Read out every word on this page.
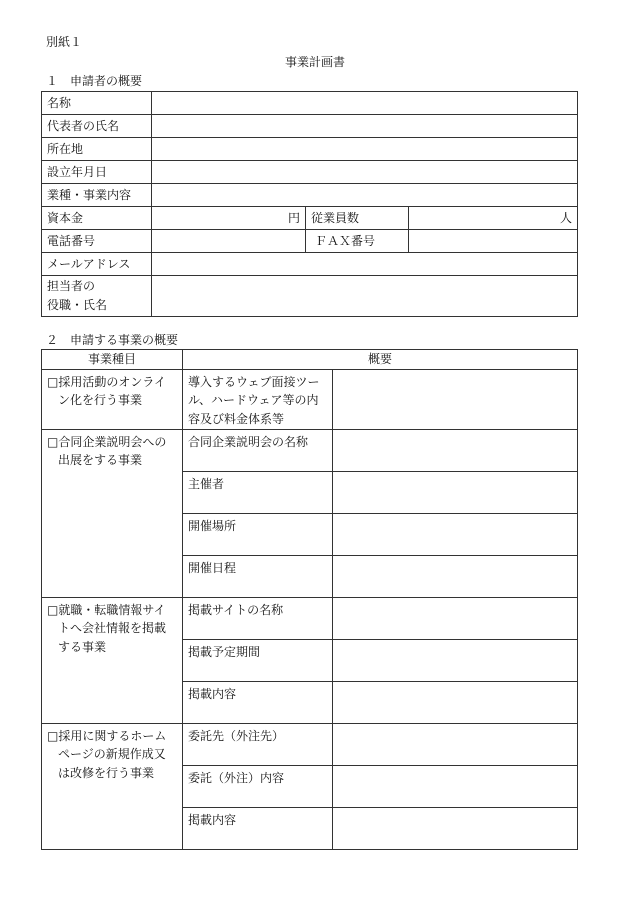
別紙１
事業計画書
１　申請者の概要
名称			
代表者の氏名			
所在地			
設立年月日			
業種・事業内容			
資本金	円	従業員数	人
電話番号		ＦＡＸ番号	
メールアドレス			

担当者の
役職・氏名			

２　申請する事業の概要
事業種目	概要	
□採用活動のオンライン化を行う事業	導入するウェブ面接ツール、ハードウェア等の内容及び料金体系等	
□合同企業説明会への出展をする事業	合同企業説明会の名称	
	主催者	
	開催場所	
	開催日程	
□就職・転職情報サイトへ会社情報を掲載する事業	掲載サイトの名称	
	掲載予定期間	
	掲載内容	
□採用に関するホームページの新規作成又は改修を行う事業	委託先（外注先）	
	委託（外注）内容	
	掲載内容	
